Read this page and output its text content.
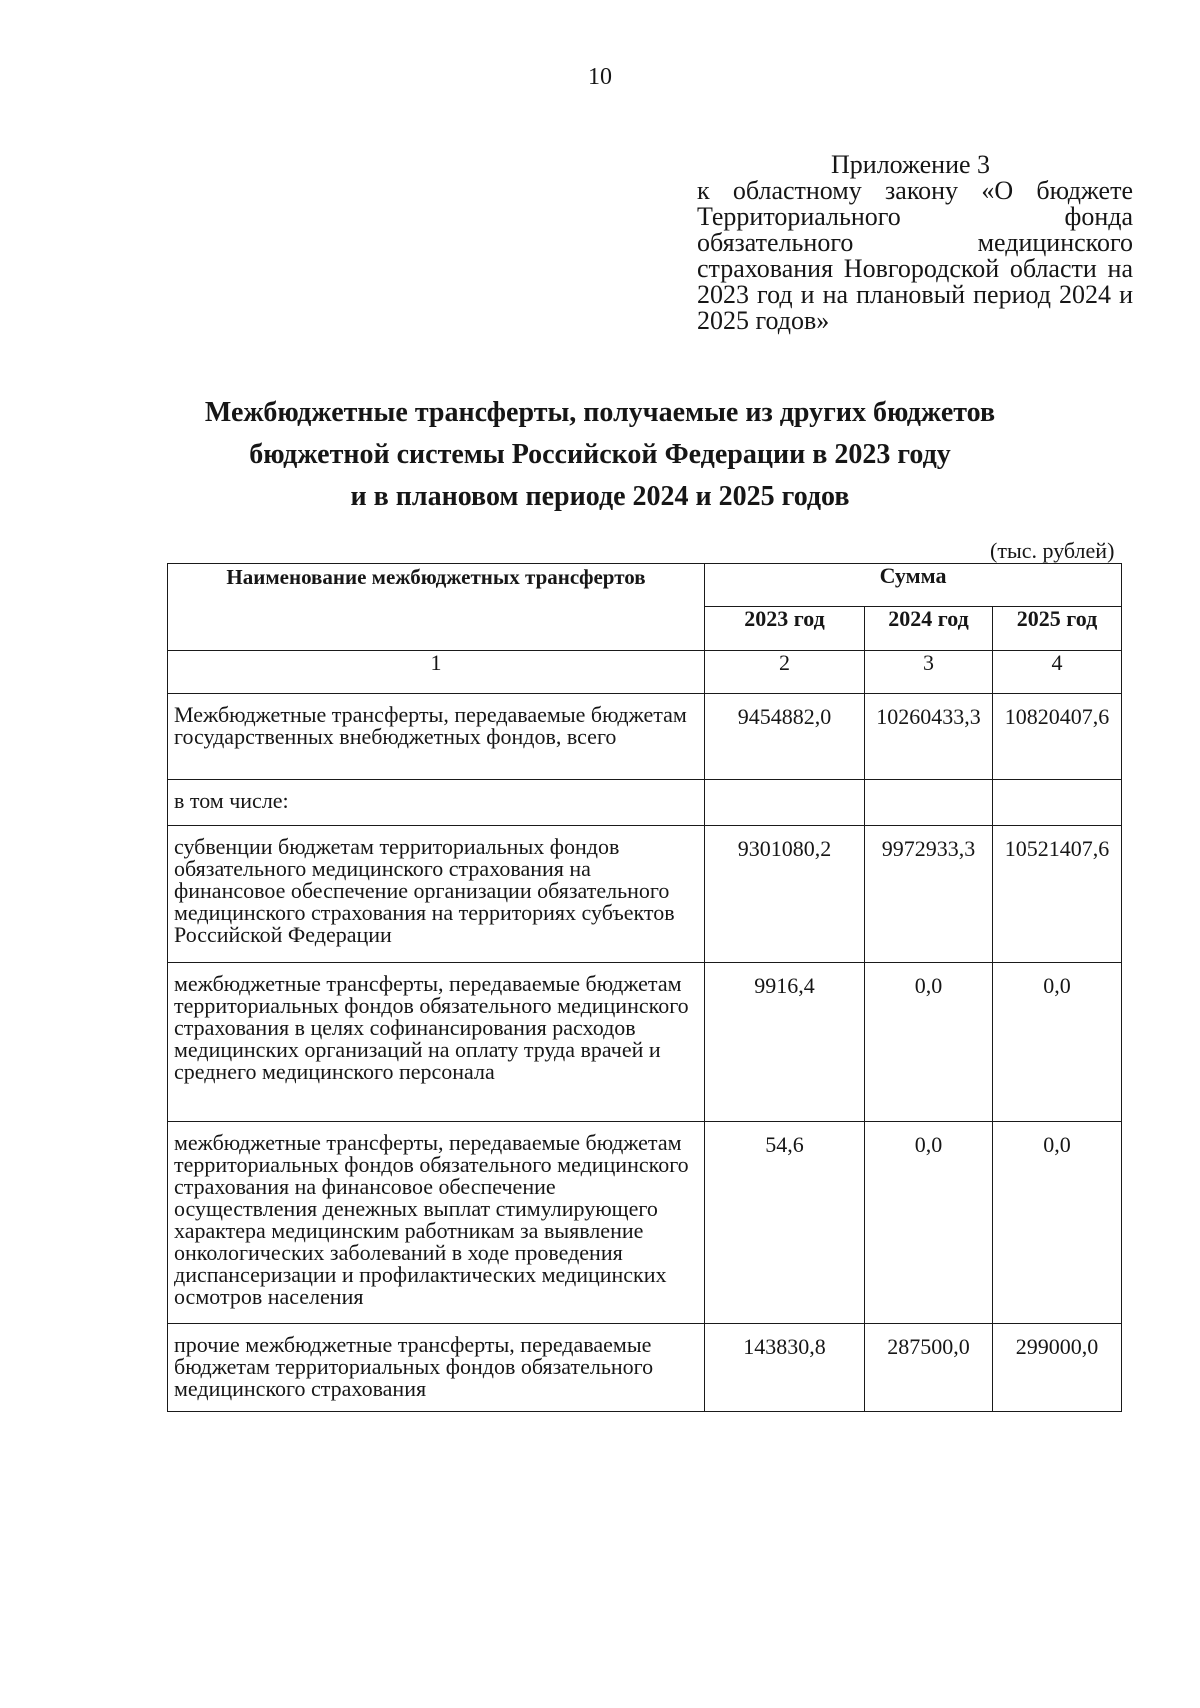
10
Приложение 3
к областному закону «О бюджете Территориального фонда обязательного медицинского страхования Новгородской области на 2023 год и на плановый период 2024 и 2025 годов»
Межбюджетные трансферты, получаемые из других бюджетов
бюджетной системы Российской Федерации в 2023 году
и в плановом периоде 2024 и 2025 годов
(тыс. рублей)
Наименование межбюджетных трансфертов	Сумма		
	2023 год	2024 год	2025 год
1	2	3	4
Межбюджетные трансферты, передаваемые бюджетам государственных внебюджетных фондов, всего	9454882,0	10260433,3	10820407,6
в том числе:			
субвенции бюджетам территориальных фондов обязательного медицинского страхования на финансовое обеспечение организации обязательного медицинского страхования на территориях субъектов Российской Федерации	9301080,2	9972933,3	10521407,6
межбюджетные трансферты, передаваемые бюджетам территориальных фондов обязательного медицинского страхования в целях софинансирования расходов медицинских организаций на оплату труда врачей и среднего медицинского персонала	9916,4	0,0	0,0
межбюджетные трансферты, передаваемые бюджетам территориальных фондов обязательного медицинского страхования на финансовое обеспечение осуществления денежных выплат стимулирующего характера медицинским работникам за выявление онкологических заболеваний в ходе проведения диспансеризации и профилактических медицинских осмотров населения	54,6	0,0	0,0
прочие межбюджетные трансферты, передаваемые бюджетам территориальных фондов обязательного медицинского страхования	143830,8	287500,0	299000,0
